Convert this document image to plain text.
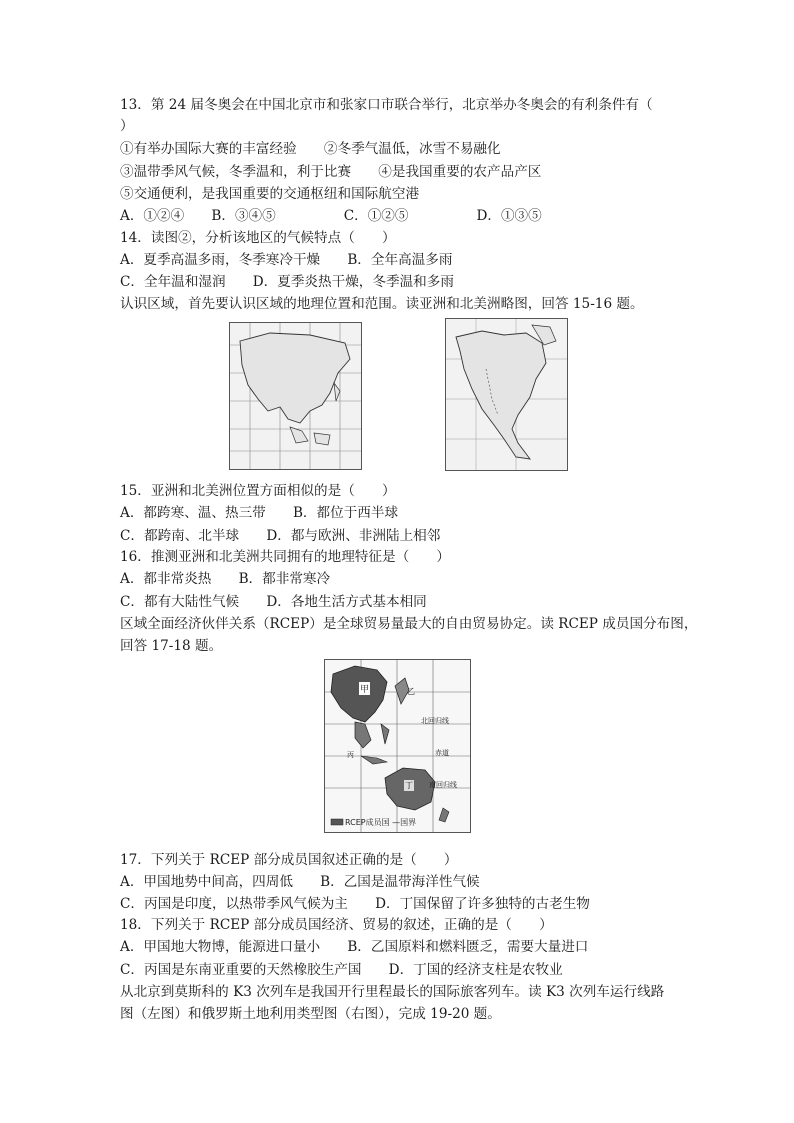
13．第 24 届冬奥会在中国北京市和张家口市联合举行，北京举办冬奥会的有利条件有（
）
①有举办国际大赛的丰富经验　　②冬季气温低，冰雪不易融化
③温带季风气候，冬季温和，利于比赛　　④是我国重要的农产品产区
⑤交通便利，是我国重要的交通枢纽和国际航空港
A．①②④　　B．③④⑤　　　　　C．①②⑤　　　　　D．①③⑤
14．读图②，分析该地区的气候特点（　　）
A．夏季高温多雨，冬季寒冷干燥　　B．全年高温多雨
C．全年温和湿润　　D．夏季炎热干燥，冬季温和多雨
认识区域，首先要认识区域的地理位置和范围。读亚洲和北美洲略图，回答 15-16 题。
15．亚洲和北美洲位置方面相似的是（　　）
A．都跨寒、温、热三带　　B．都位于西半球
C．都跨南、北半球　　D．都与欧洲、非洲陆上相邻
16．推测亚洲和北美洲共同拥有的地理特征是（　　）
A．都非常炎热　　B．都非常寒冷
C．都有大陆性气候　　D．各地生活方式基本相同
区域全面经济伙伴关系（RCEP）是全球贸易量最大的自由贸易协定。读 RCEP 成员国分布图，
回答 17-18 题。
甲	乙
北回归线
赤道
丙
南回归线
丁
RCEP成员国 —国界
17．下列关于 RCEP 部分成员国叙述正确的是（　　）
A．甲国地势中间高，四周低　　B．乙国是温带海洋性气候
C．丙国是印度，以热带季风气候为主　　D．丁国保留了许多独特的古老生物
18．下列关于 RCEP 部分成员国经济、贸易的叙述，正确的是（　　）
A．甲国地大物博，能源进口量小　　B．乙国原料和燃料匮乏，需要大量进口
C．丙国是东南亚重要的天然橡胶生产国　　D．丁国的经济支柱是农牧业
从北京到莫斯科的 K3 次列车是我国开行里程最长的国际旅客列车。读 K3 次列车运行线路
图（左图）和俄罗斯土地利用类型图（右图），完成 19-20 题。
